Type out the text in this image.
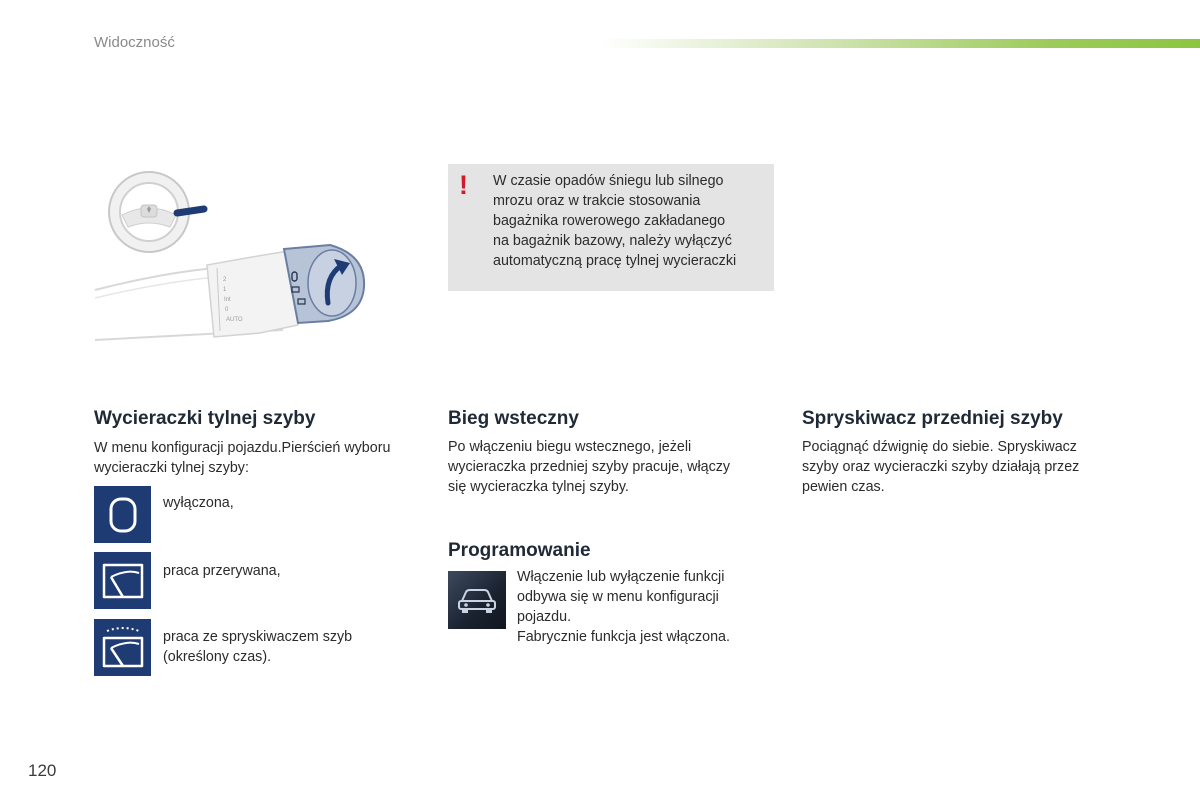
Widoczność
2
1
Int
0
AUTO
! W czasie opadów śniegu lub silnego
mrozu oraz w trakcie stosowania
bagażnika rowerowego zakładanego
na bagażnik bazowy, należy wyłączyć
automatyczną pracę tylnej wycieraczki
Wycieraczki tylnej szyby
W menu konfiguracji pojazdu.Pierścień wyboru
wycieraczki tylnej szyby:
wyłączona,
praca przerywana,
praca ze spryskiwaczem szyb
(określony czas).
Bieg wsteczny
Po włączeniu biegu wstecznego, jeżeli
wycieraczka przedniej szyby pracuje, włączy
się wycieraczka tylnej szyby.
Programowanie
Włączenie lub wyłączenie funkcji
odbywa się w menu konfiguracji
pojazdu.
Fabrycznie funkcja jest włączona.
Spryskiwacz przedniej szyby
Pociągnąć dźwignię do siebie. Spryskiwacz
szyby oraz wycieraczki szyby działają przez
pewien czas.
120
